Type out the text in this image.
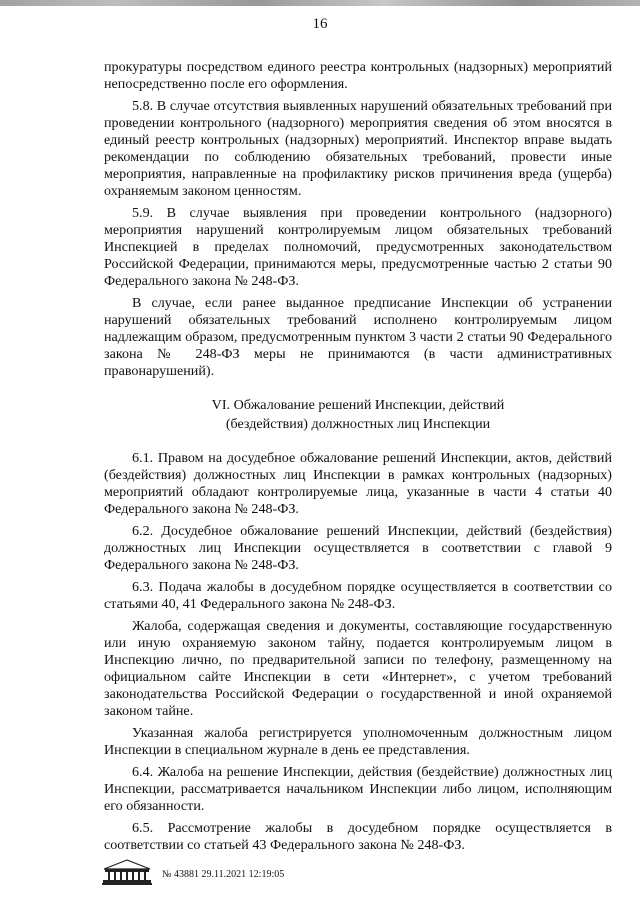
16

прокуратуры посредством единого реестра контрольных (надзорных) мероприятий непосредственно после его оформления.

5.8. В случае отсутствия выявленных нарушений обязательных требований при проведении контрольного (надзорного) мероприятия сведения об этом вносятся в единый реестр контрольных (надзорных) мероприятий. Инспектор вправе выдать рекомендации по соблюдению обязательных требований, провести иные мероприятия, направленные на профилактику рисков причинения вреда (ущерба) охраняемым законом ценностям.

5.9. В случае выявления при проведении контрольного (надзорного) мероприятия нарушений контролируемым лицом обязательных требований Инспекцией в пределах полномочий, предусмотренных законодательством Российской Федерации, принимаются меры, предусмотренные частью 2 статьи 90 Федерального закона № 248-ФЗ.

В случае, если ранее выданное предписание Инспекции об устранении нарушений обязательных требований исполнено контролируемым лицом надлежащим образом, предусмотренным пунктом 3 части 2 статьи 90 Федерального закона № 248-ФЗ меры не принимаются (в части административных правонарушений).

VI. Обжалование решений Инспекции, действий
(бездействия) должностных лиц Инспекции

6.1. Правом на досудебное обжалование решений Инспекции, актов, действий (бездействия) должностных лиц Инспекции в рамках контрольных (надзорных) мероприятий обладают контролируемые лица, указанные в части 4 статьи 40 Федерального закона № 248-ФЗ.

6.2. Досудебное обжалование решений Инспекции, действий (бездействия) должностных лиц Инспекции осуществляется в соответствии с главой 9 Федерального закона № 248-ФЗ.

6.3. Подача жалобы в досудебном порядке осуществляется в соответствии со статьями 40, 41 Федерального закона № 248-ФЗ.

Жалоба, содержащая сведения и документы, составляющие государственную или иную охраняемую законом тайну, подается контролируемым лицом в Инспекцию лично, по предварительной записи по телефону, размещенному на официальном сайте Инспекции в сети «Интернет», с учетом требований законодательства Российской Федерации о государственной и иной охраняемой законом тайне.

Указанная жалоба регистрируется уполномоченным должностным лицом Инспекции в специальном журнале в день ее представления.

6.4. Жалоба на решение Инспекции, действия (бездействие) должностных лиц Инспекции, рассматривается начальником Инспекции либо лицом, исполняющим его обязанности.

6.5. Рассмотрение жалобы в досудебном порядке осуществляется в соответствии со статьей 43 Федерального закона № 248-ФЗ.

№ 43881 29.11.2021 12:19:05
